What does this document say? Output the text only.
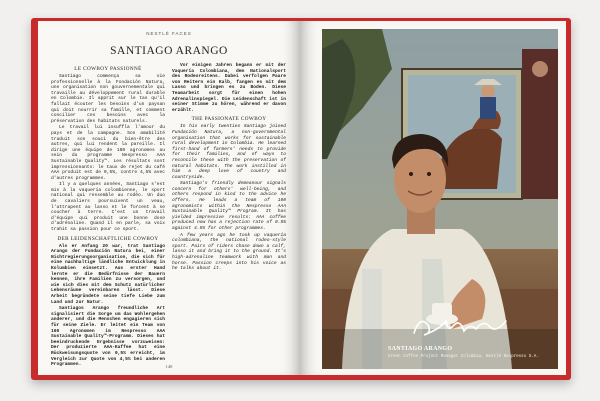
NESTLÉ FACES
SANTIAGO ARANGO
LE COWBOY PASSIONNÉ

Santiago commença sa vie professionnelle à la Fondación Natura, une organisation non gouvernementale qui travaille au développement rural durable en Colombie. Il apprit sur le tas qu'il fallait écouter les besoins d'un paysan qui doit nourrir sa famille, et comment concilier ces besoins avec la préservation des habitats naturels.

Le travail lui insuffla l'amour du pays et de la campagne. Son amabilité traduit son souci du bien-être des autres, qui lui rendent la pareille. Il dirige une équipe de 160 agronomes au sein du programme Nespresso AAA Sustainable Quality™. Les résultats sont impressionnants: le taux de rejet du café AAA produit est de 0,5%, contre 4,5% avec d'autres programmes.

Il y a quelques années, Santiago s'est mis à la vaquería colombienne, le sport national qui ressemble au rodéo. Un duo de cavaliers poursuivent un veau, l'attrapent au lasso et le forcent à se coucher à terre. C'est un travail d'équipe qui produit une bonne dose d'adrénaline. Quand il en parle, sa voix trahit sa passion pour ce sport.

DER LEIDENSCHAFTLICHE COWBOY

Als er Anfang 20 war, trat Santiago Arango der Fundación Natura bei, einer Nichtregierungsorganisation, die sich für eine nachhaltige ländliche Entwicklung in Kolumbien einsetzt. Aus erster Hand lernte er die Bedürfnisse der Bauern kennen, ihre Familien zu versorgen, und wie sich dies mit dem Schutz natürlicher Lebensräume vereinbaren lässt. Diese Arbeit begründete seine tiefe Liebe zum Land und zur Natur.

Santiagos Arango freundliche Art signalisiert die Sorge um das Wohlergehen anderer, und die Menschen engagieren sich für seine Ziele. Er leitet ein Team von 160 Agronomen im Nespresso AAA Sustainable Quality™-Programm. Dieses hat beeindruckende Ergebnisse vorzuweisen: Der produzierte AAA-Kaffee hat eine Rückweisungsquote von 0,5% erreicht, im Vergleich zur Quote von 4,5% bei anderen Programmen.

Vor einigen Jahren begann er mit der Vaquería Colombiana, dem Nationalsport des Rodeoreitens. Dabei verfolgen Paare von Reitern ein Kalb, fangen es mit dem Lasso und bringen es zu Boden. Diese Teamarbeit sorgt für einen hohen Adrenalinspiegel. Die Leidenschaft ist in seiner Stimme zu hören, während er davon erzählt.

THE PASSIONATE COWBOY

In his early twenties Santiago joined Fundación Natura, a non-governmental organisation that works for sustainable rural development in Colombia. He learned first-hand of farmers' needs to provide for their families, and of ways to reconcile these with the preservation of natural habitats. The work instilled in him a deep love of country and countryside.

Santiago's friendly demeanour signals concern for others' well-being, and others respond in kind to the advice he offers. He leads a team of 160 agronomists within the Nespresso AAA Sustainable Quality™ Program. It has yielded impressive results: AAA coffee produced now has a rejection rate of 0.5% against 4.5% for other programmes.

A few years ago he took up vaquería colombiana, the national rodeo-style sport. Pairs of riders chase down a calf, lasso it and bring it to the ground. It's high-adrenaline teamwork with man and horse. Passion creeps into his voice as he talks about it.

140
SANTIAGO ARANGO
Green Coffee Project Manager Colombia, Nestlé Nespresso S.A.
